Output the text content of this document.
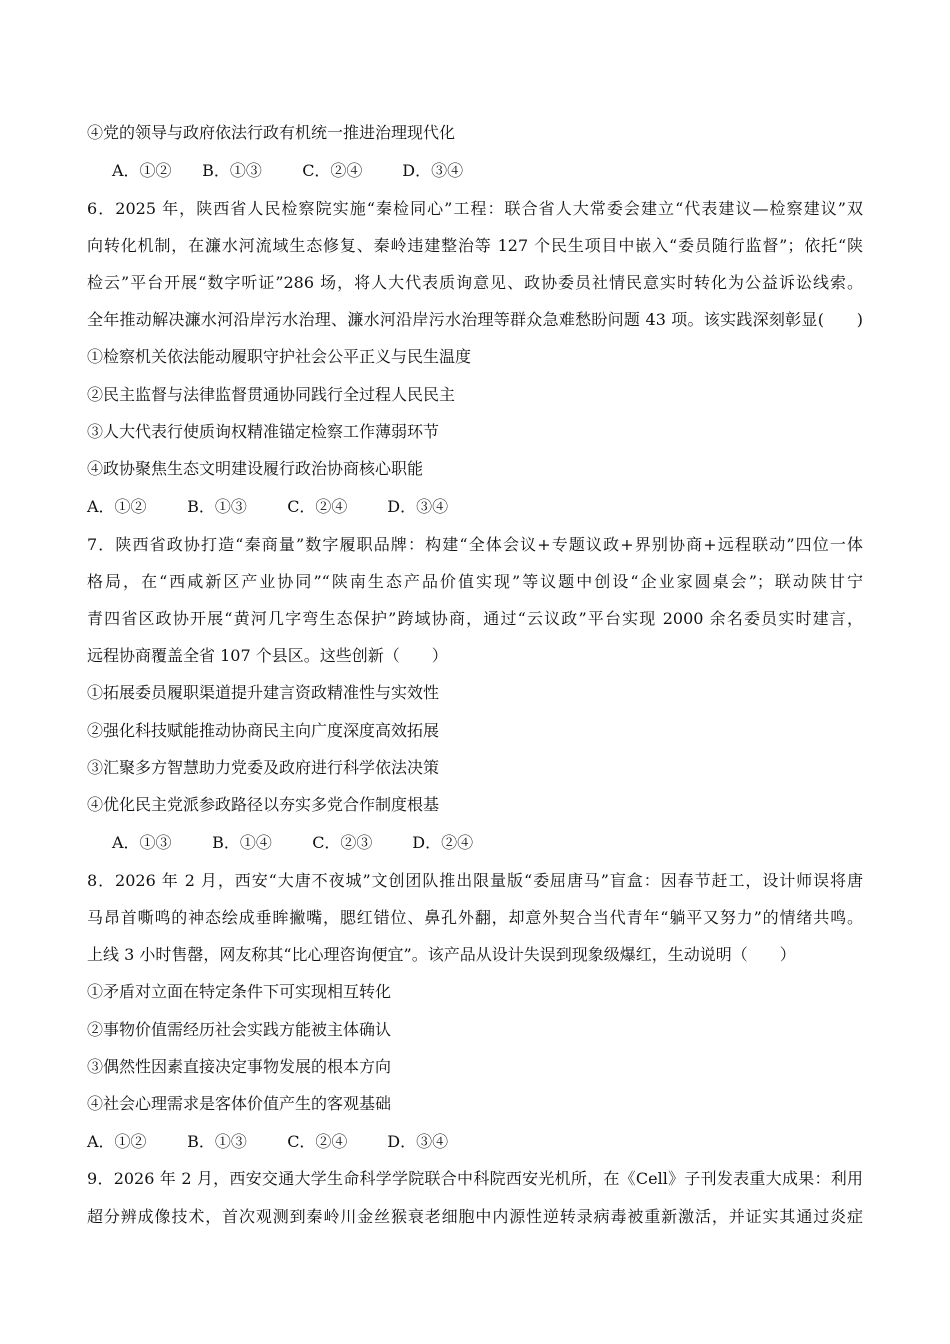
④党的领导与政府依法行政有机统一推进治理现代化
A．①② B．①③	C．②④ D．③④
6．2025 年，陕西省人民检察院实施“秦检同心”工程：联合省人大常委会建立“代表建议—检察建议”双
向转化机制，在濂水河流域生态修复、秦岭违建整治等 127 个民生项目中嵌入“委员随行监督”；依托“陕
检云”平台开展“数字听证”286 场，将人大代表质询意见、政协委员社情民意实时转化为公益诉讼线索。
全年推动解决濂水河沿岸污水治理、濂水河沿岸污水治理等群众急难愁盼问题 43 项。该实践深刻彰显(　　)
①检察机关依法能动履职守护社会公平正义与民生温度
②民主监督与法律监督贯通协同践行全过程人民民主
③人大代表行使质询权精准锚定检察工作薄弱环节
④政协聚焦生态文明建设履行政治协商核心职能
A．①②	B．①③	C．②④ D．③④
7．陕西省政协打造“秦商量”数字履职品牌：构建“全体会议+专题议政+界别协商+远程联动”四位一体
格局，在“西咸新区产业协同”“陕南生态产品价值实现”等议题中创设“企业家圆桌会”；联动陕甘宁
青四省区政协开展“黄河几字弯生态保护”跨域协商，通过“云议政”平台实现 2000 余名委员实时建言，
远程协商覆盖全省 107 个县区。这些创新（　　）
①拓展委员履职渠道提升建言资政精准性与实效性
②强化科技赋能推动协商民主向广度深度高效拓展
③汇聚多方智慧助力党委及政府进行科学依法决策
④优化民主党派参政路径以夯实多党合作制度根基
A．①③	B．①④	C．②③ D．②④
8．2026 年 2 月，西安“大唐不夜城”文创团队推出限量版“委屈唐马”盲盒：因春节赶工，设计师误将唐
马昂首嘶鸣的神态绘成垂眸撇嘴，腮红错位、鼻孔外翻，却意外契合当代青年“躺平又努力”的情绪共鸣。
上线 3 小时售罄，网友称其“比心理咨询便宜”。该产品从设计失误到现象级爆红，生动说明（　　）
①矛盾对立面在特定条件下可实现相互转化
②事物价值需经历社会实践方能被主体确认
③偶然性因素直接决定事物发展的根本方向
④社会心理需求是客体价值产生的客观基础
A．①②	B．①③	C．②④ D．③④
9．2026 年 2 月，西安交通大学生命科学学院联合中科院西安光机所，在《Cell》子刊发表重大成果：利用
超分辨成像技术，首次观测到秦岭川金丝猴衰老细胞中内源性逆转录病毒被重新激活，并证实其通过炎症
